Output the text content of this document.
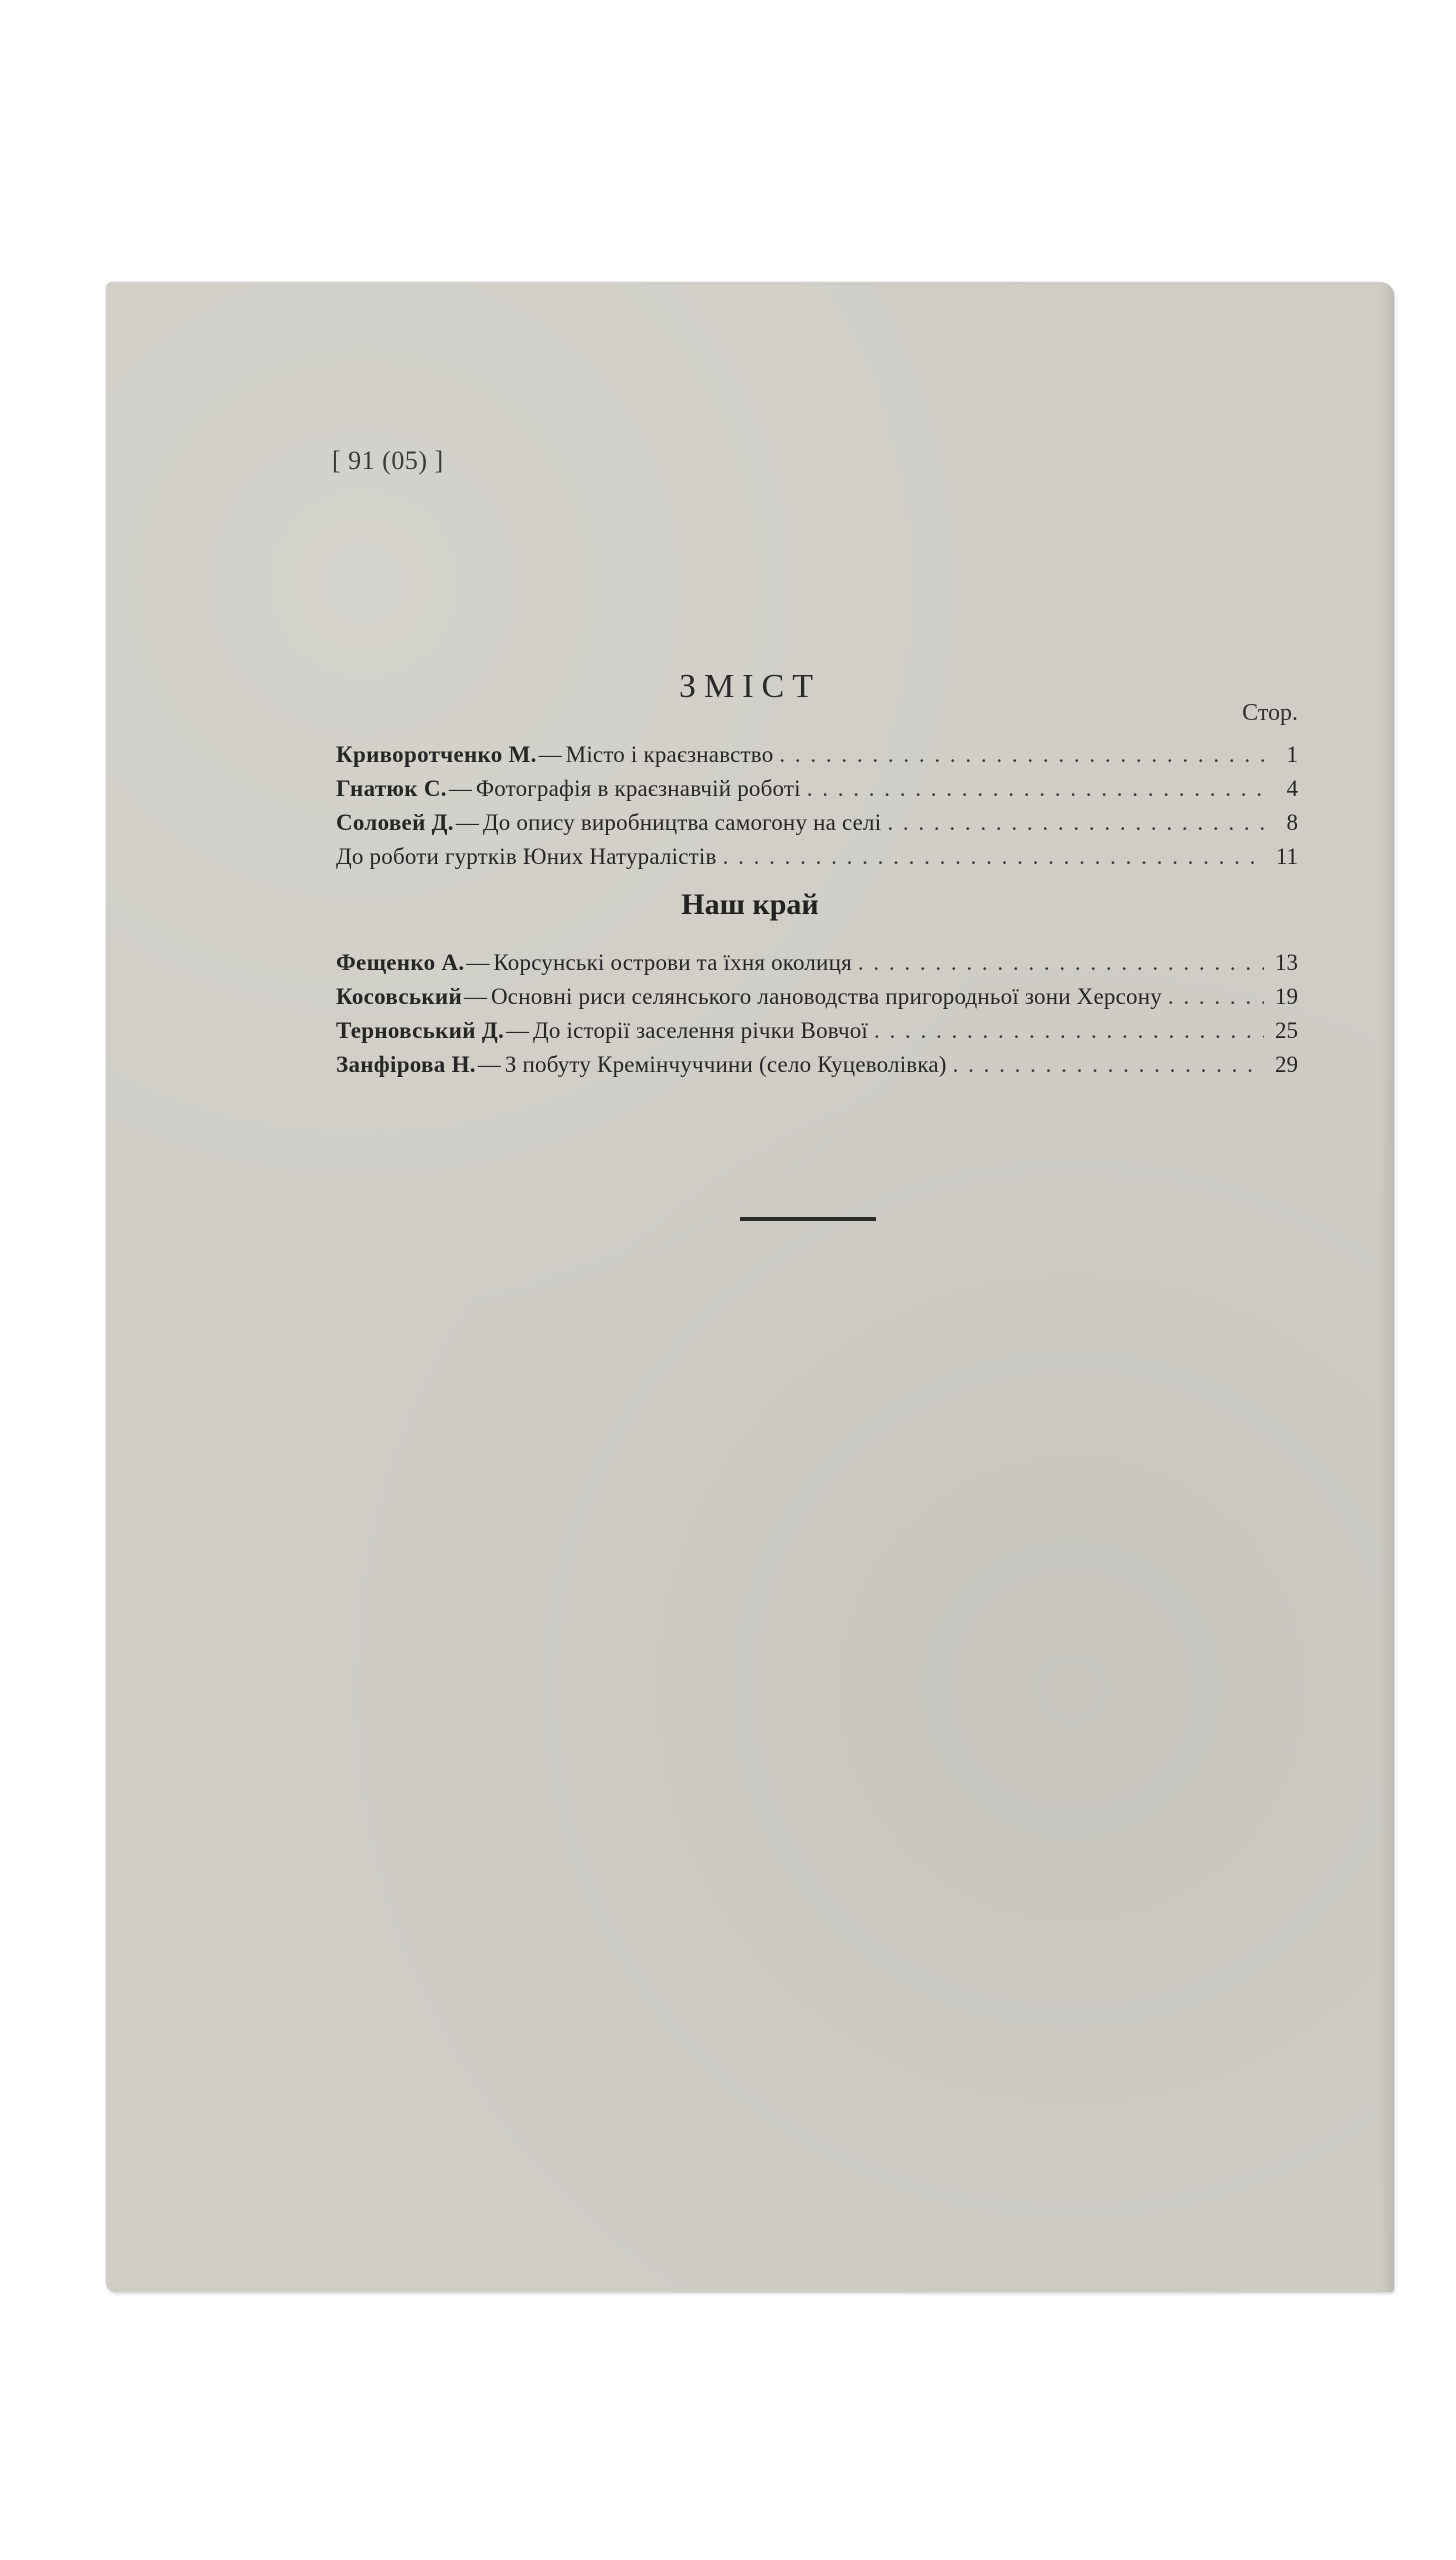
[ 91 (05) ]
ЗМІСТ
Стор.
Криворотченко М. — Місто і краєзнавство . . .	1
Гнатюк С. — Фотографія в краєзнавчій роботі . . .	4
Соловей Д. — До опису виробництва самогону на селі . . .	8
До роботи гуртків Юних Натуралістів . . .	11
Наш край
Фещенко А. — Корсунські острови та їхня околиця . . .	13
Косовський — Основні риси селянського лановодства пригородньої зони Херсону . . .	19
Терновський Д. — До історії заселення річки Вовчої . . .	25
Занфірова Н. — З побуту Кремінчуччини (село Куцеволівка) . . .	29
